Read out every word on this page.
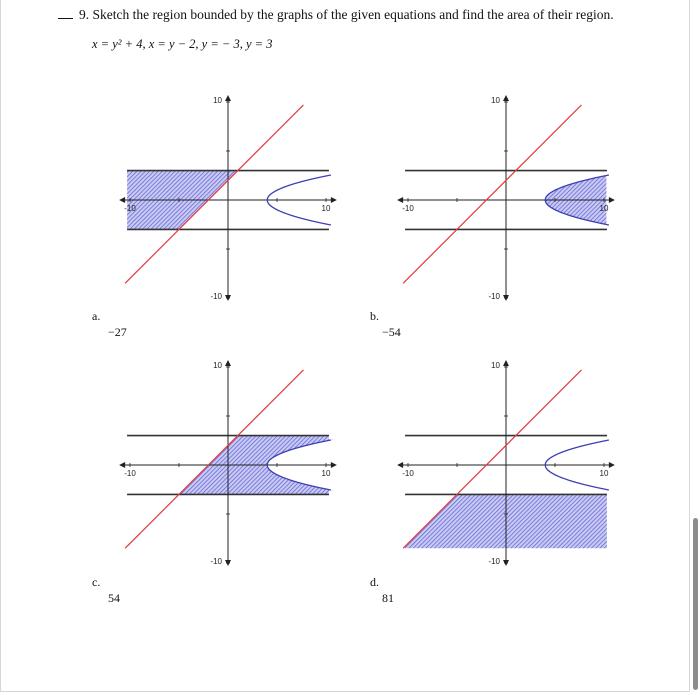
9. Sketch the region bounded by the graphs of the given equations and find the area of their region.
x = y² + 4, x = y − 2, y = − 3, y = 3
-10	10
10
-10
a.
−27
-10	10
10
-10
b.
−54
-10	10
10
-10
c.
54
-10	10
10
-10
d.
81
